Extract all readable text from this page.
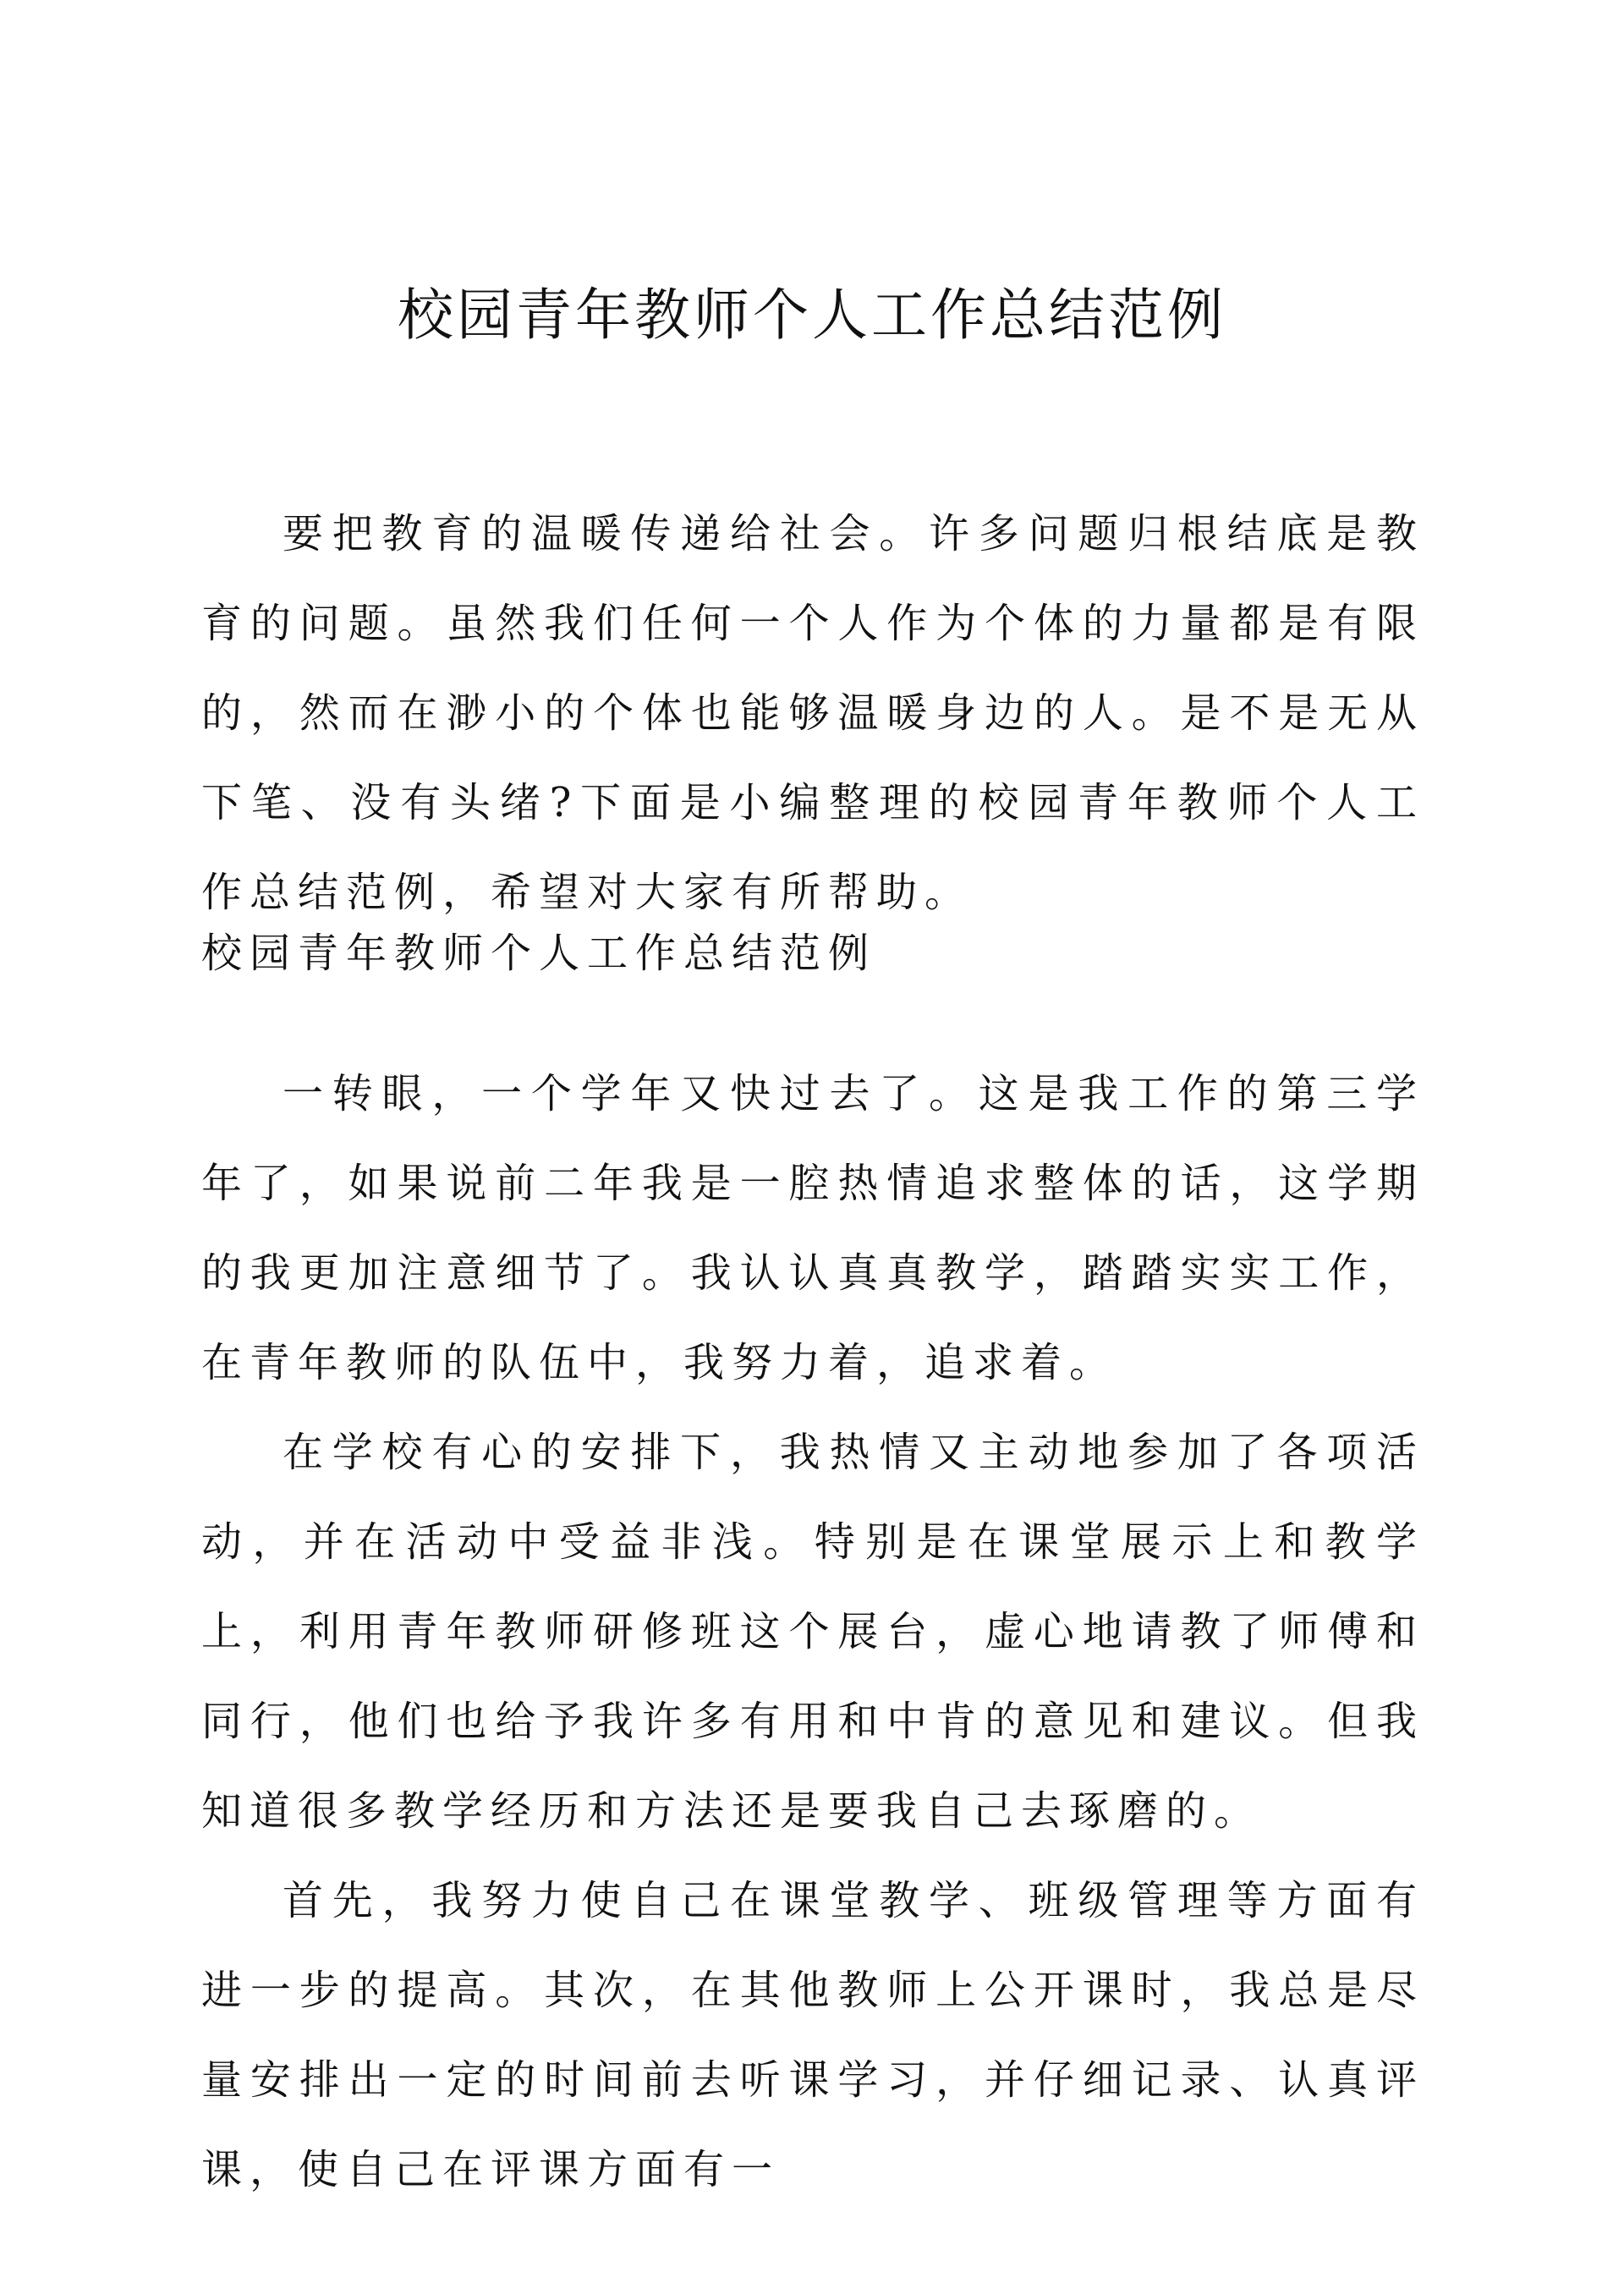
校园青年教师个人工作总结范例

要把教育的温暖传递给社会。许多问题归根结底是教育的问题。虽然我们任何一个人作为个体的力量都是有限的，然而在渺小的个体也能够温暖身边的人。是不是无从下笔、没有头绪?下面是小编整理的校园青年教师个人工作总结范例，希望对大家有所帮助。

校园青年教师个人工作总结范例

一转眼，一个学年又快过去了。这是我工作的第三学年了，如果说前二年我是一腔热情追求整体的话，这学期的我更加注意细节了。我认认真真教学，踏踏实实工作，在青年教师的队伍中，我努力着，追求着。

在学校有心的安排下，我热情又主动地参加了各项活动，并在活动中受益非浅。特别是在课堂展示上和教学上，利用青年教师研修班这个展台，虚心地请教了师傅和同行，他们也给予我许多有用和中肯的意见和建议。但我知道很多教学经历和方法还是要我自己去琢磨的。

首先，我努力使自己在课堂教学、班级管理等方面有进一步的提高。其次，在其他教师上公开课时，我总是尽量安排出一定的时间前去听课学习，并仔细记录、认真评课，使自己在评课方面有一
